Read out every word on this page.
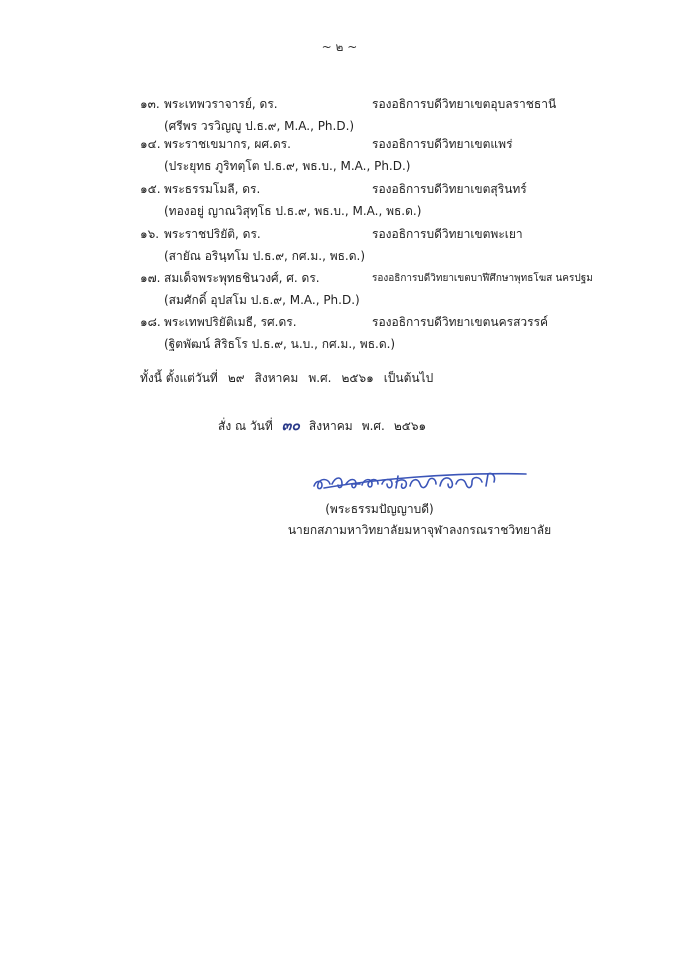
~ ๒ ~
๑๓. พระเทพวราจารย์, ดร.	รองอธิการบดีวิทยาเขตอุบลราชธานี
(ศรีพร วรวิญญู ป.ธ.๙, M.A., Ph.D.)
๑๔. พระราชเขมากร, ผศ.ดร.	รองอธิการบดีวิทยาเขตแพร่
(ประยุทธ ภูริทตฺโต ป.ธ.๙, พธ.บ., M.A., Ph.D.)
๑๕. พระธรรมโมลี, ดร.	รองอธิการบดีวิทยาเขตสุรินทร์
(ทองอยู่ ญาณวิสุทฺโธ ป.ธ.๙, พธ.บ., M.A., พธ.ด.)
๑๖. พระราชปริยัติ, ดร.	รองอธิการบดีวิทยาเขตพะเยา
(สายัณ อรินฺทโม ป.ธ.๙, กศ.ม., พธ.ด.)
๑๗. สมเด็จพระพุทธชินวงศ์, ศ. ดร.	รองอธิการบดีวิทยาเขตบาฬีศึกษาพุทธโฆส นครปฐม
(สมศักดิ์ อุปสโม ป.ธ.๙, M.A., Ph.D.)
๑๘. พระเทพปริยัติเมธี, รศ.ดร.	รองอธิการบดีวิทยาเขตนครสวรรค์
(ฐิตพัฒน์ สิริธโร ป.ธ.๙, น.บ., กศ.ม., พธ.ด.)
ทั้งนี้ ตั้งแต่วันที่ ๒๙ สิงหาคม พ.ศ. ๒๕๖๑ เป็นต้นไป
สั่ง ณ วันที่ ๓๐ สิงหาคม พ.ศ. ๒๕๖๑
(พระธรรมปัญญาบดี)
นายกสภามหาวิทยาลัยมหาจุฬาลงกรณราชวิทยาลัย
